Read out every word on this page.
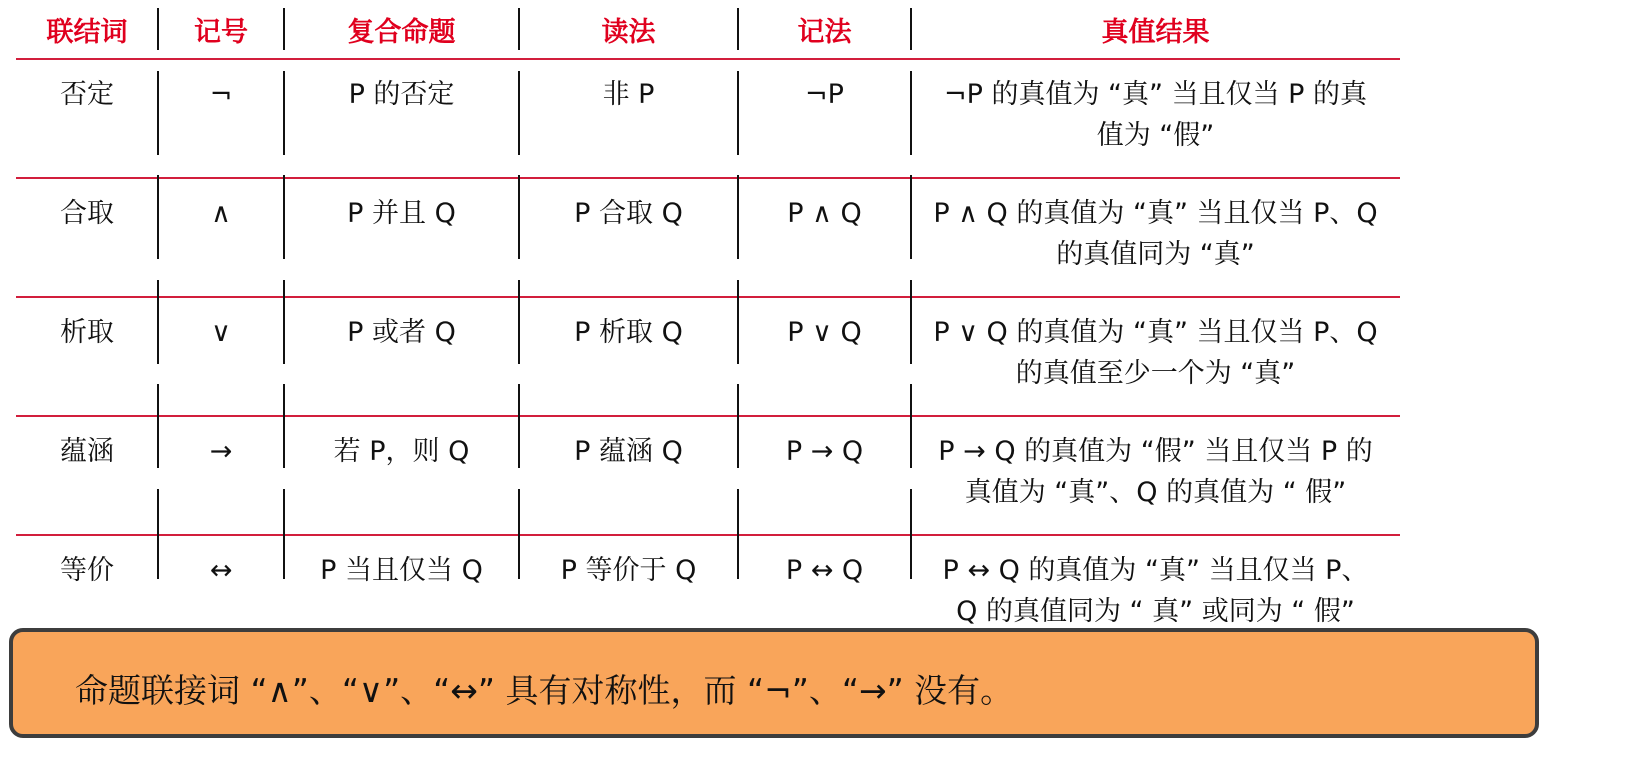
联结词	记号	复合命题	读法	记法	真值结果
否定	¬	P 的否定	非 P	¬P	¬P 的真值为 “真” 当且仅当 P 的真值为 “假”
合取	∧	P 并且 Q	P 合取 Q	P ∧ Q	P ∧ Q 的真值为 “真” 当且仅当 P、Q 的真值同为 “真”
析取	∨	P 或者 Q	P 析取 Q	P ∨ Q	P ∨ Q 的真值为 “真” 当且仅当 P、Q 的真值至少一个为 “真”
蕴涵	→	若 P，则 Q	P 蕴涵 Q	P → Q	P → Q 的真值为 “假” 当且仅当 P 的真值为 “真”、Q 的真值为 “ 假”
等价	↔	P 当且仅当 Q	P 等价于 Q	P ↔ Q	P ↔ Q 的真值为 “真” 当且仅当 P、Q 的真值同为 “ 真” 或同为 “ 假”
命题联接词 “∧”、“∨”、“↔” 具有对称性，而 “¬”、“→” 没有。
